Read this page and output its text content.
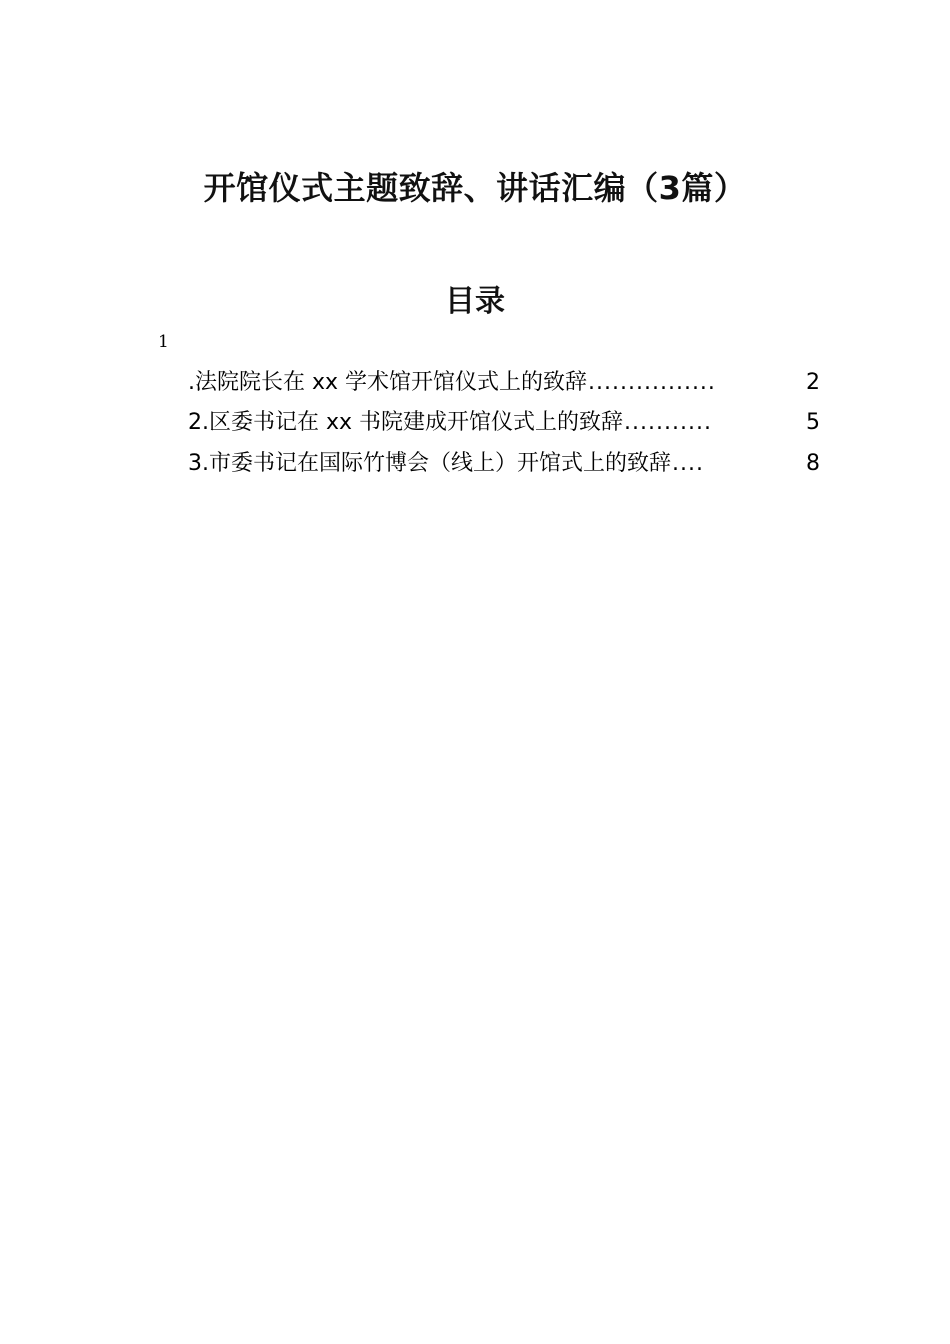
开馆仪式主题致辞、讲话汇编（3篇）
目录
1
.法院院长在 xx 学术馆开馆仪式上的致辞 ................	2
2.区委书记在 xx 书院建成开馆仪式上的致辞 ...........	5
3.市委书记在国际竹博会（线上）开馆式上的致辞 ....	8
